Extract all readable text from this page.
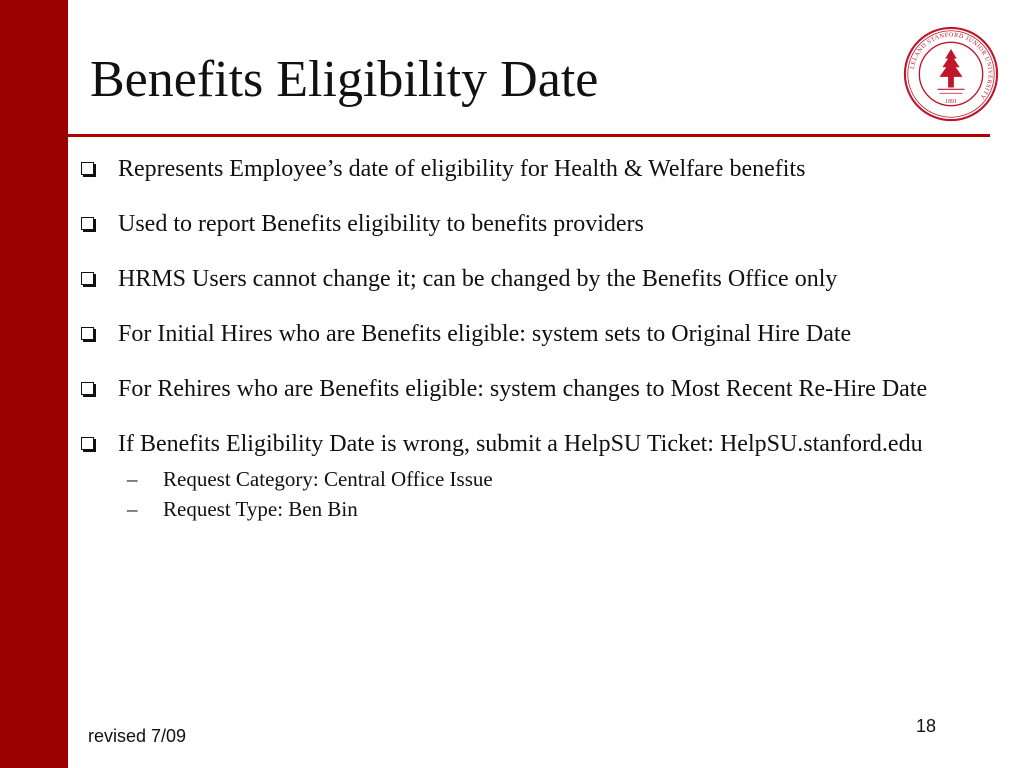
Benefits Eligibility Date	LELAND STANFORD JUNIOR UNIVERSITY
1891
Represents Employee’s date of eligibility for Health & Welfare benefits
Used to report Benefits eligibility to benefits providers
HRMS Users cannot change it; can be changed by the Benefits Office only
For Initial Hires who are Benefits eligible: system sets to Original Hire Date
For Rehires who are Benefits eligible: system changes to Most Recent Re-Hire Date
If Benefits Eligibility Date is wrong, submit a HelpSU Ticket: HelpSU.stanford.edu
– Request Category: Central Office Issue
– Request Type: Ben Bin
revised 7/09	18
